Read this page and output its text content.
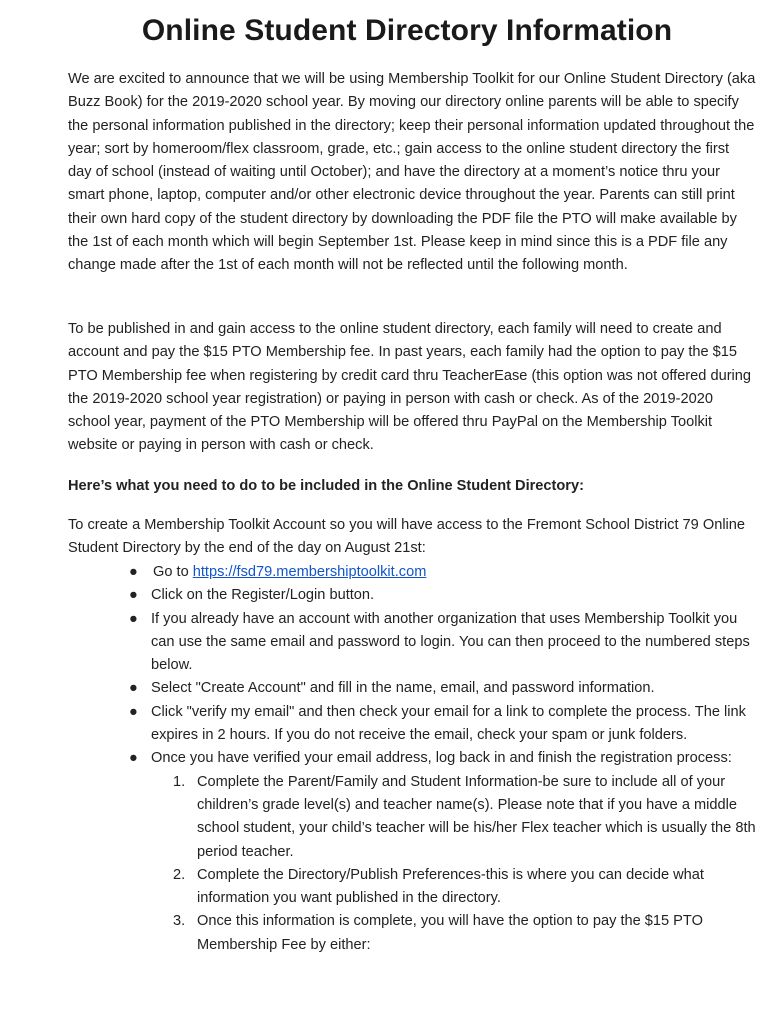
Online Student Directory Information

We are excited to announce that we will be using Membership Toolkit for our Online Student Directory (aka Buzz Book) for the 2019-2020 school year. By moving our directory online parents will be able to specify the personal information published in the directory; keep their personal information updated throughout the year; sort by homeroom/flex classroom, grade, etc.; gain access to the online student directory the first day of school (instead of waiting until October); and have the directory at a moment’s notice thru your smart phone, laptop, computer and/or other electronic device throughout the year. Parents can still print their own hard copy of the student directory by downloading the PDF file the PTO will make available by the 1st of each month which will begin September 1st. Please keep in mind since this is a PDF file any change made after the 1st of each month will not be reflected until the following month.

To be published in and gain access to the online student directory, each family will need to create and account and pay the $15 PTO Membership fee. In past years, each family had the option to pay the $15 PTO Membership fee when registering by credit card thru TeacherEase (this option was not offered during the 2019-2020 school year registration) or paying in person with cash or check. As of the 2019-2020 school year, payment of the PTO Membership will be offered thru PayPal on the Membership Toolkit website or paying in person with cash or check.

Here’s what you need to do to be included in the Online Student Directory:

To create a Membership Toolkit Account so you will have access to the Fremont School District 79 Online Student Directory by the end of the day on August 21st:

● Go to https://fsd79.membershiptoolkit.com
● Click on the Register/Login button.
● If you already have an account with another organization that uses Membership Toolkit you can use the same email and password to login. You can then proceed to the numbered steps below.
● Select "Create Account" and fill in the name, email, and password information.
● Click "verify my email" and then check your email for a link to complete the process. The link expires in 2 hours. If you do not receive the email, check your spam or junk folders.
● Once you have verified your email address, log back in and finish the registration process:
1. Complete the Parent/Family and Student Information-be sure to include all of your children’s grade level(s) and teacher name(s). Please note that if you have a middle school student, your child’s teacher will be his/her Flex teacher which is usually the 8th period teacher.
2. Complete the Directory/Publish Preferences-this is where you can decide what information you want published in the directory.
3. Once this information is complete, you will have the option to pay the $15 PTO Membership Fee by either:
